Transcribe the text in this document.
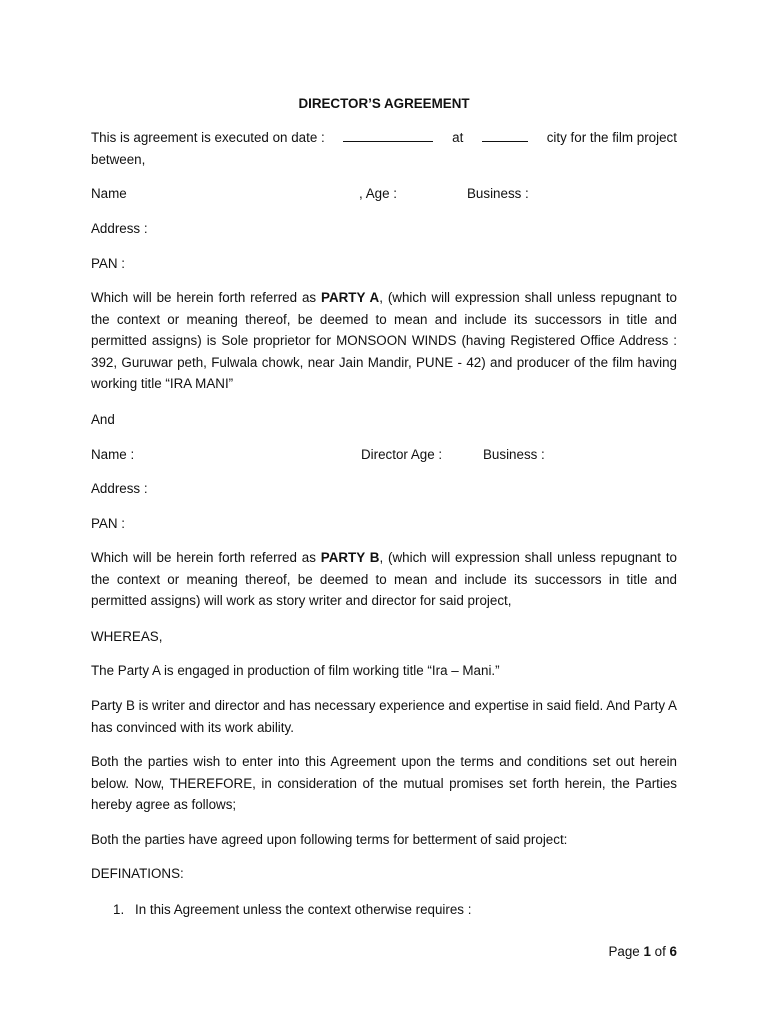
DIRECTOR’S AGREEMENT
This is agreement is executed on date :	at	city for the film project
between,
Name	, Age :	Business :
Address :
PAN :
Which will be herein forth referred as PARTY A, (which will expression shall unless repugnant to the context or meaning thereof, be deemed to mean and include its successors in title and permitted assigns) is Sole proprietor for MONSOON WINDS (having Registered Office Address : 392, Guruwar peth, Fulwala chowk, near Jain Mandir, PUNE - 42) and producer of the film having working title “IRA MANI”
And
Name :	Director Age :	Business :
Address :
PAN :
Which will be herein forth referred as PARTY B, (which will expression shall unless repugnant to the context or meaning thereof, be deemed to mean and include its successors in title and permitted assigns) will work as story writer and director for said project,
WHEREAS,
The Party A is engaged in production of film working title “Ira – Mani.”
Party B is writer and director and has necessary experience and expertise in said field. And Party A has convinced with its work ability.
Both the parties wish to enter into this Agreement upon the terms and conditions set out herein below. Now, THEREFORE, in consideration of the mutual promises set forth herein, the Parties hereby agree as follows;
Both the parties have agreed upon following terms for betterment of said project:
DEFINATIONS:
1. In this Agreement unless the context otherwise requires :
Page 1 of 6
